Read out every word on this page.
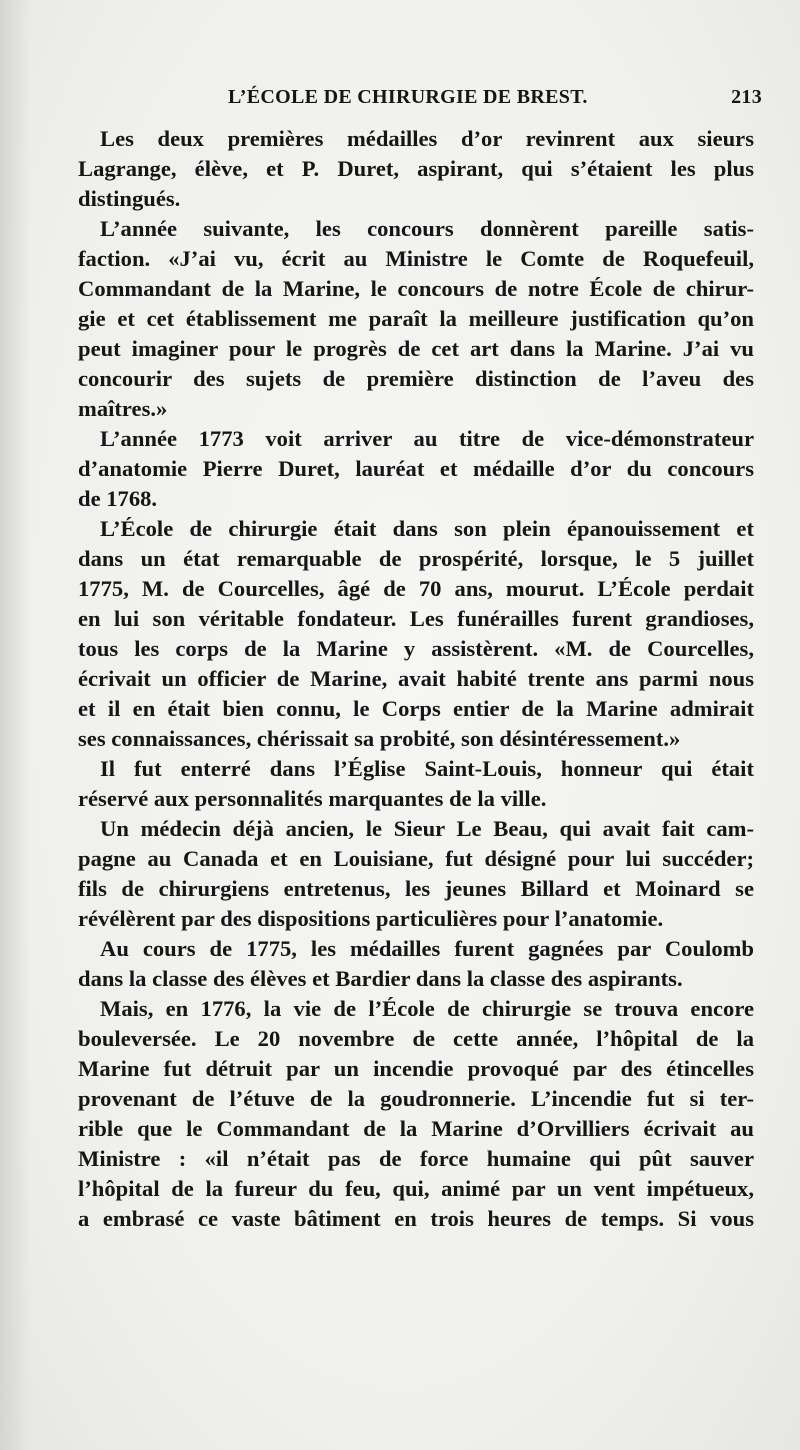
L’ÉCOLE DE CHIRURGIE DE BREST.	213
Les deux premières médailles d’or revinrent aux sieurs
Lagrange, élève, et P. Duret, aspirant, qui s’étaient les plus
distingués.
L’année suivante, les concours donnèrent pareille satis-
faction. «J’ai vu, écrit au Ministre le Comte de Roquefeuil,
Commandant de la Marine, le concours de notre École de chirur-
gie et cet établissement me paraît la meilleure justification qu’on
peut imaginer pour le progrès de cet art dans la Marine. J’ai vu
concourir des sujets de première distinction de l’aveu des
maîtres.»
L’année 1773 voit arriver au titre de vice-démonstrateur
d’anatomie Pierre Duret, lauréat et médaille d’or du concours
de 1768.
L’École de chirurgie était dans son plein épanouissement et
dans un état remarquable de prospérité, lorsque, le 5 juillet
1775, M. de Courcelles, âgé de 70 ans, mourut. L’École perdait
en lui son véritable fondateur. Les funérailles furent grandioses,
tous les corps de la Marine y assistèrent. «M. de Courcelles,
écrivait un officier de Marine, avait habité trente ans parmi nous
et il en était bien connu, le Corps entier de la Marine admirait
ses connaissances, chérissait sa probité, son désintéressement.»
Il fut enterré dans l’Église Saint-Louis, honneur qui était
réservé aux personnalités marquantes de la ville.
Un médecin déjà ancien, le Sieur Le Beau, qui avait fait cam-
pagne au Canada et en Louisiane, fut désigné pour lui succéder;
fils de chirurgiens entretenus, les jeunes Billard et Moinard se
révélèrent par des dispositions particulières pour l’anatomie.
Au cours de 1775, les médailles furent gagnées par Coulomb
dans la classe des élèves et Bardier dans la classe des aspirants.
Mais, en 1776, la vie de l’École de chirurgie se trouva encore
bouleversée. Le 20 novembre de cette année, l’hôpital de la
Marine fut détruit par un incendie provoqué par des étincelles
provenant de l’étuve de la goudronnerie. L’incendie fut si ter-
rible que le Commandant de la Marine d’Orvilliers écrivait au
Ministre : «il n’était pas de force humaine qui pût sauver
l’hôpital de la fureur du feu, qui, animé par un vent impétueux,
a embrasé ce vaste bâtiment en trois heures de temps. Si vous
